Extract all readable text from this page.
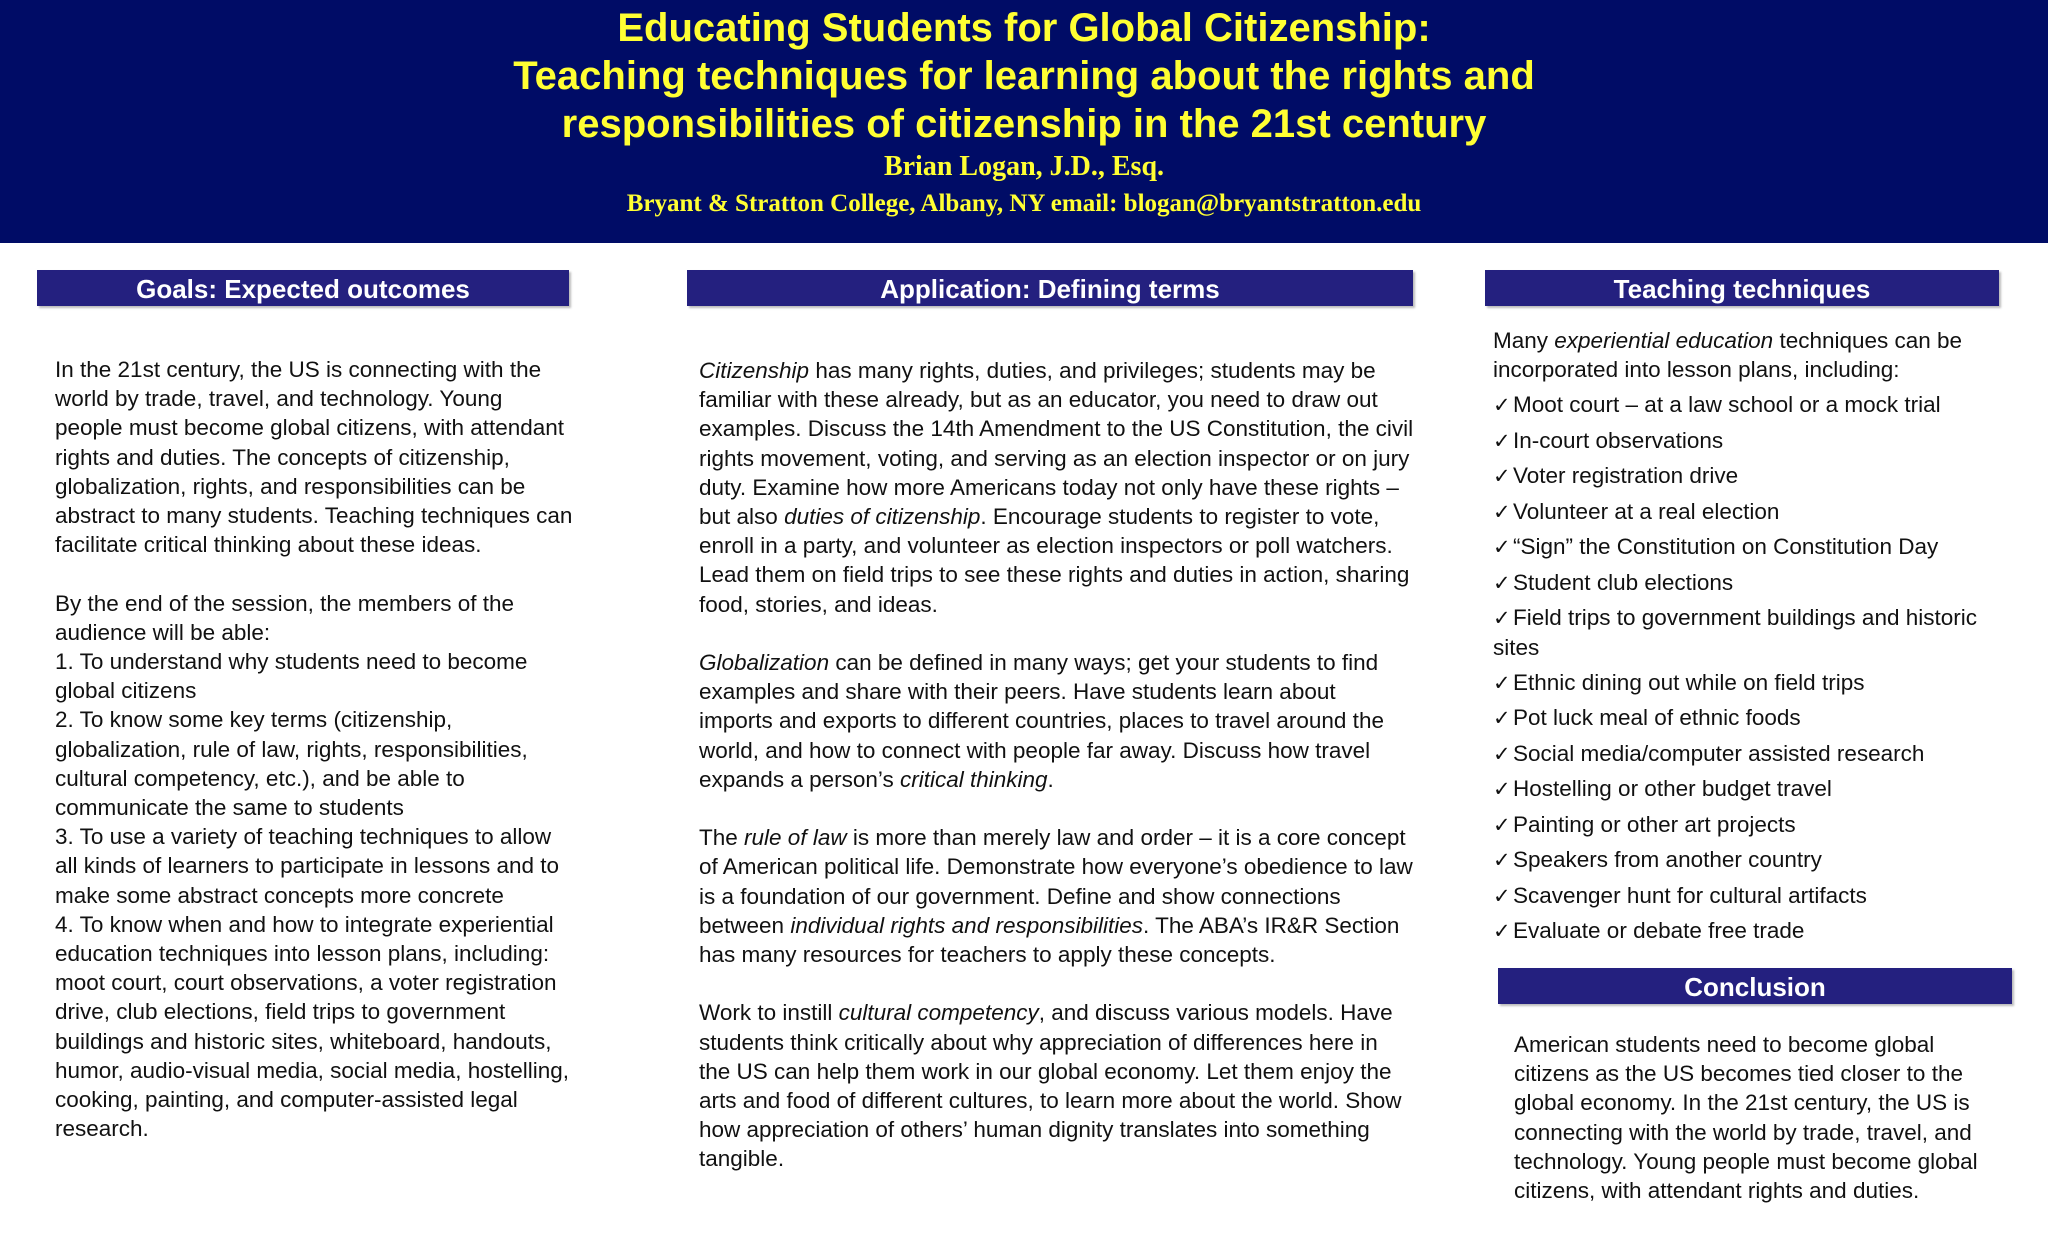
Educating Students for Global Citizenship:
Teaching techniques for learning about the rights and
responsibilities of citizenship in the 21st century
Brian Logan, J.D., Esq.
Bryant & Stratton College, Albany, NY email: blogan@bryantstratton.edu
Goals: Expected outcomes

In the 21st century, the US is connecting with the world by trade, travel, and technology. Young people must become global citizens, with attendant rights and duties. The concepts of citizenship, globalization, rights, and responsibilities can be abstract to many students. Teaching techniques can facilitate critical thinking about these ideas.

By the end of the session, the members of the audience will be able:
1. To understand why students need to become global citizens
2. To know some key terms (citizenship, globalization, rule of law, rights, responsibilities, cultural competency, etc.), and be able to communicate the same to students
3. To use a variety of teaching techniques to allow all kinds of learners to participate in lessons and to make some abstract concepts more concrete
4. To know when and how to integrate experiential education techniques into lesson plans, including: moot court, court observations, a voter registration drive, club elections, field trips to government buildings and historic sites, whiteboard, handouts, humor, audio-visual media, social media, hostelling, cooking, painting, and computer-assisted legal research.
Application: Defining terms

Citizenship has many rights, duties, and privileges; students may be familiar with these already, but as an educator, you need to draw out examples. Discuss the 14th Amendment to the US Constitution, the civil rights movement, voting, and serving as an election inspector or on jury duty. Examine how more Americans today not only have these rights – but also duties of citizenship. Encourage students to register to vote, enroll in a party, and volunteer as election inspectors or poll watchers. Lead them on field trips to see these rights and duties in action, sharing food, stories, and ideas.

Globalization can be defined in many ways; get your students to find examples and share with their peers. Have students learn about imports and exports to different countries, places to travel around the world, and how to connect with people far away. Discuss how travel expands a person’s critical thinking.

The rule of law is more than merely law and order – it is a core concept of American political life. Demonstrate how everyone’s obedience to law is a foundation of our government. Define and show connections between individual rights and responsibilities. The ABA’s IR&R Section has many resources for teachers to apply these concepts.

Work to instill cultural competency, and discuss various models. Have students think critically about why appreciation of differences here in the US can help them work in our global economy. Let them enjoy the arts and food of different cultures, to learn more about the world. Show how appreciation of others’ human dignity translates into something tangible.

Teaching techniques
Many experiential education techniques can be incorporated into lesson plans, including:
✓ Moot court – at a law school or a mock trial
✓ In-court observations
✓ Voter registration drive
✓ Volunteer at a real election
✓ “Sign” the Constitution on Constitution Day
✓ Student club elections
✓ Field trips to government buildings and historic sites
✓ Ethnic dining out while on field trips
✓ Pot luck meal of ethnic foods
✓ Social media/computer assisted research
✓ Hostelling or other budget travel
✓ Painting or other art projects
✓ Speakers from another country
✓ Scavenger hunt for cultural artifacts
✓ Evaluate or debate free trade
Conclusion
American students need to become global citizens as the US becomes tied closer to the global economy. In the 21st century, the US is connecting with the world by trade, travel, and technology. Young people must become global citizens, with attendant rights and duties.
